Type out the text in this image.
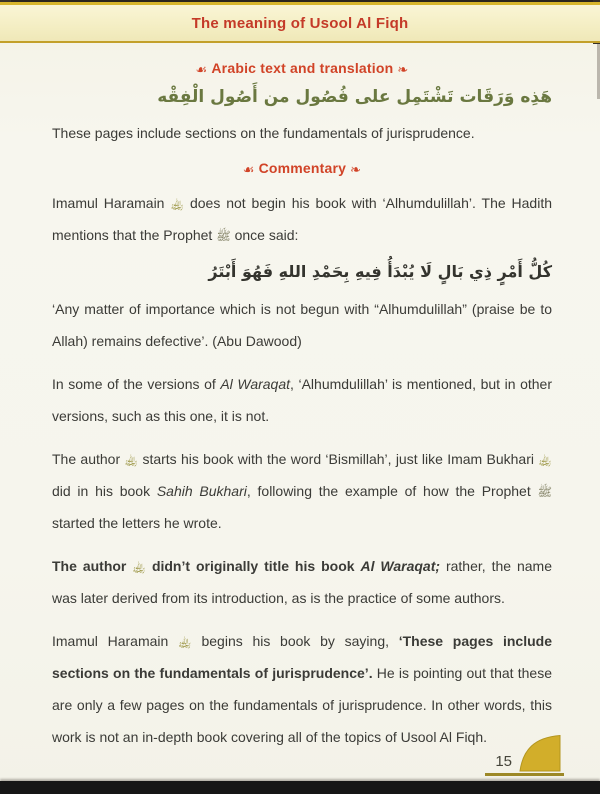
The meaning of Usool Al Fiqh
☙ Arabic text and translation ❧
هَذِه وَرَقَات تَشْتَمِل على فُصُول من أَصُول الْفِقْه

These pages include sections on the fundamentals of jurisprudence.

☙ Commentary ❧

Imamul Haramain ﵀ does not begin his book with ‘Alhumdulillah’. The Hadith mentions that the Prophet ﷺ once said:

كُلُّ أَمْرٍ ذِي بَالٍ لَا يُبْدَأُ فِيهِ بِحَمْدِ اللهِ فَهُوَ أَبْتَرُ

‘Any matter of importance which is not begun with “Alhumdulillah” (praise be to Allah) remains defective’. (Abu Dawood)

In some of the versions of Al Waraqat, ‘Alhumdulillah’ is mentioned, but in other versions, such as this one, it is not.

The author ﵀ starts his book with the word ‘Bismillah’, just like Imam Bukhari ﵀ did in his book Sahih Bukhari, following the example of how the Prophet ﷺ started the letters he wrote.

The author ﵀ didn’t originally title his book Al Waraqat; rather, the name was later derived from its introduction, as is the practice of some authors.

Imamul Haramain ﵀ begins his book by saying, ‘These pages include sections on the fundamentals of jurisprudence’. He is pointing out that these are only a few pages on the fundamentals of jurisprudence. In other words, this work is not an in-depth book covering all of the topics of Usool Al Fiqh.

15
